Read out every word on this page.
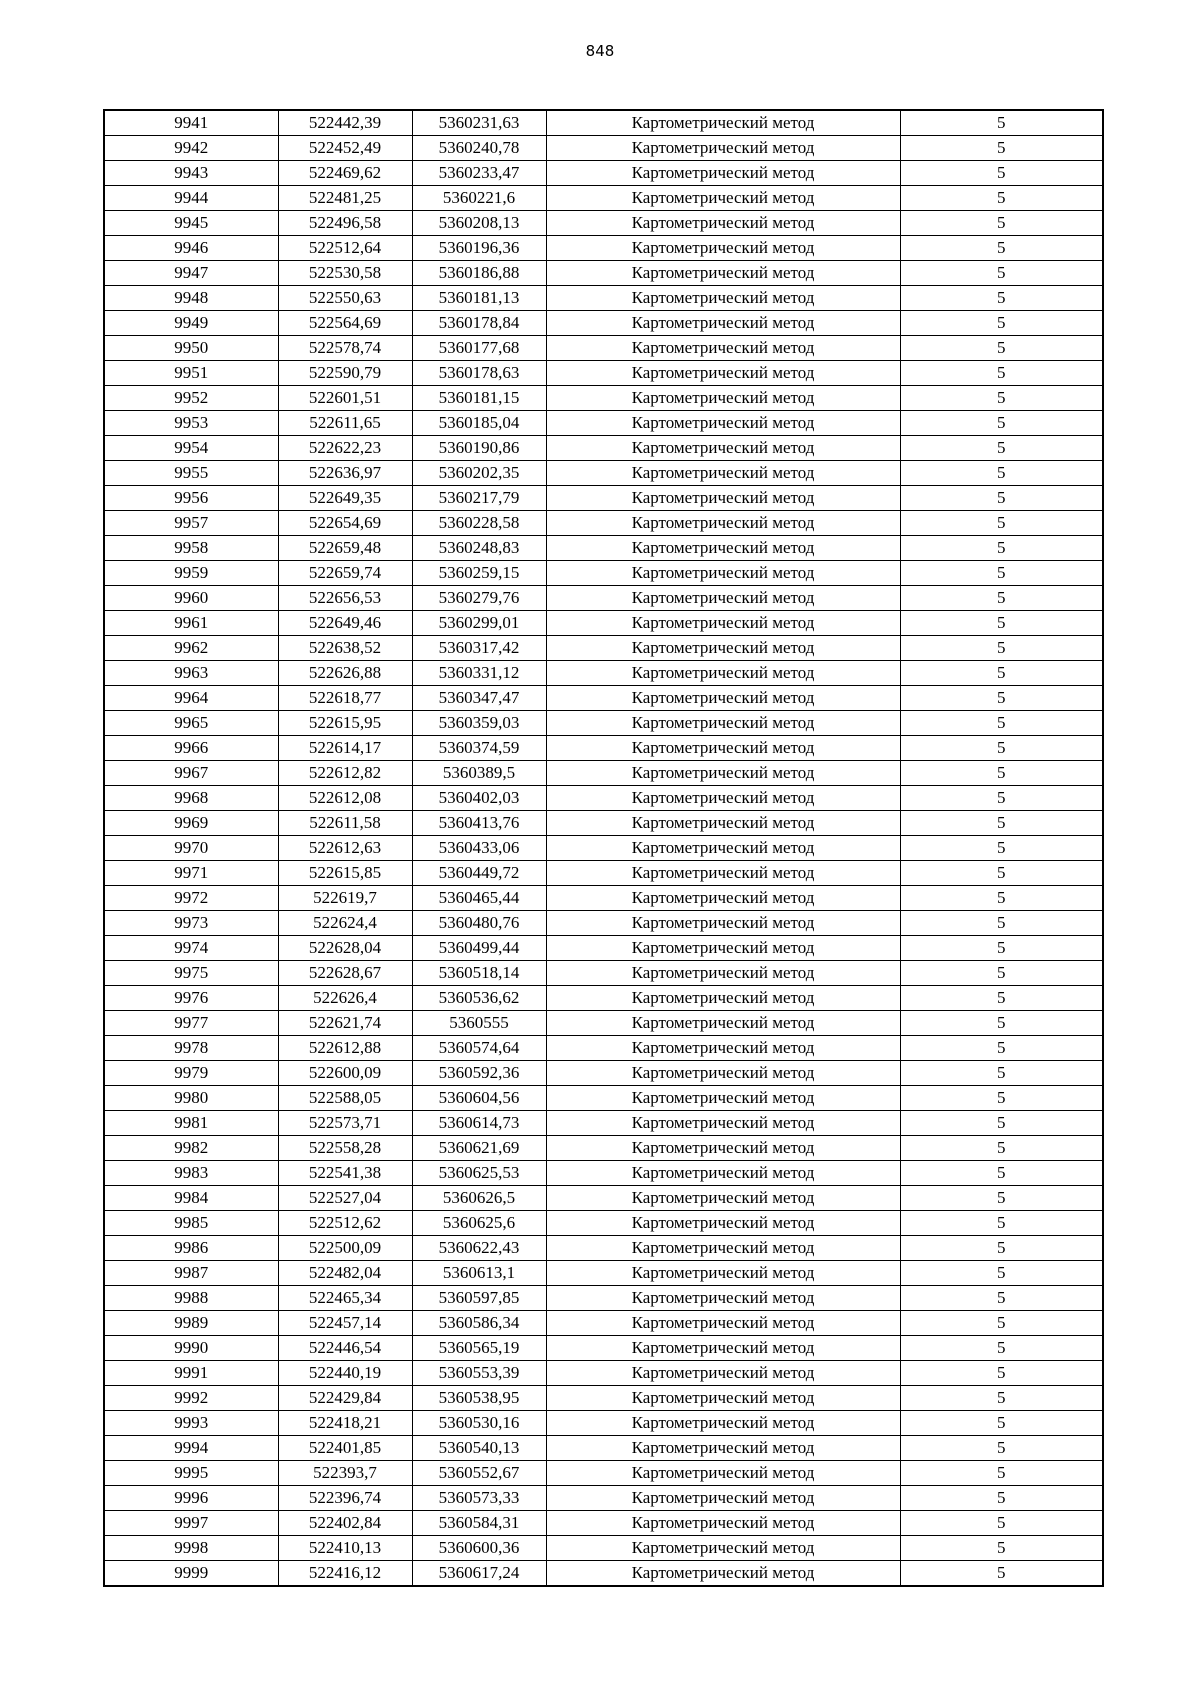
848
9941	522442,39	5360231,63	Картометрический метод	5
9942	522452,49	5360240,78	Картометрический метод	5
9943	522469,62	5360233,47	Картометрический метод	5
9944	522481,25	5360221,6	Картометрический метод	5
9945	522496,58	5360208,13	Картометрический метод	5
9946	522512,64	5360196,36	Картометрический метод	5
9947	522530,58	5360186,88	Картометрический метод	5
9948	522550,63	5360181,13	Картометрический метод	5
9949	522564,69	5360178,84	Картометрический метод	5
9950	522578,74	5360177,68	Картометрический метод	5
9951	522590,79	5360178,63	Картометрический метод	5
9952	522601,51	5360181,15	Картометрический метод	5
9953	522611,65	5360185,04	Картометрический метод	5
9954	522622,23	5360190,86	Картометрический метод	5
9955	522636,97	5360202,35	Картометрический метод	5
9956	522649,35	5360217,79	Картометрический метод	5
9957	522654,69	5360228,58	Картометрический метод	5
9958	522659,48	5360248,83	Картометрический метод	5
9959	522659,74	5360259,15	Картометрический метод	5
9960	522656,53	5360279,76	Картометрический метод	5
9961	522649,46	5360299,01	Картометрический метод	5
9962	522638,52	5360317,42	Картометрический метод	5
9963	522626,88	5360331,12	Картометрический метод	5
9964	522618,77	5360347,47	Картометрический метод	5
9965	522615,95	5360359,03	Картометрический метод	5
9966	522614,17	5360374,59	Картометрический метод	5
9967	522612,82	5360389,5	Картометрический метод	5
9968	522612,08	5360402,03	Картометрический метод	5
9969	522611,58	5360413,76	Картометрический метод	5
9970	522612,63	5360433,06	Картометрический метод	5
9971	522615,85	5360449,72	Картометрический метод	5
9972	522619,7	5360465,44	Картометрический метод	5
9973	522624,4	5360480,76	Картометрический метод	5
9974	522628,04	5360499,44	Картометрический метод	5
9975	522628,67	5360518,14	Картометрический метод	5
9976	522626,4	5360536,62	Картометрический метод	5
9977	522621,74	5360555	Картометрический метод	5
9978	522612,88	5360574,64	Картометрический метод	5
9979	522600,09	5360592,36	Картометрический метод	5
9980	522588,05	5360604,56	Картометрический метод	5
9981	522573,71	5360614,73	Картометрический метод	5
9982	522558,28	5360621,69	Картометрический метод	5
9983	522541,38	5360625,53	Картометрический метод	5
9984	522527,04	5360626,5	Картометрический метод	5
9985	522512,62	5360625,6	Картометрический метод	5
9986	522500,09	5360622,43	Картометрический метод	5
9987	522482,04	5360613,1	Картометрический метод	5
9988	522465,34	5360597,85	Картометрический метод	5
9989	522457,14	5360586,34	Картометрический метод	5
9990	522446,54	5360565,19	Картометрический метод	5
9991	522440,19	5360553,39	Картометрический метод	5
9992	522429,84	5360538,95	Картометрический метод	5
9993	522418,21	5360530,16	Картометрический метод	5
9994	522401,85	5360540,13	Картометрический метод	5
9995	522393,7	5360552,67	Картометрический метод	5
9996	522396,74	5360573,33	Картометрический метод	5
9997	522402,84	5360584,31	Картометрический метод	5
9998	522410,13	5360600,36	Картометрический метод	5
9999	522416,12	5360617,24	Картометрический метод	5
